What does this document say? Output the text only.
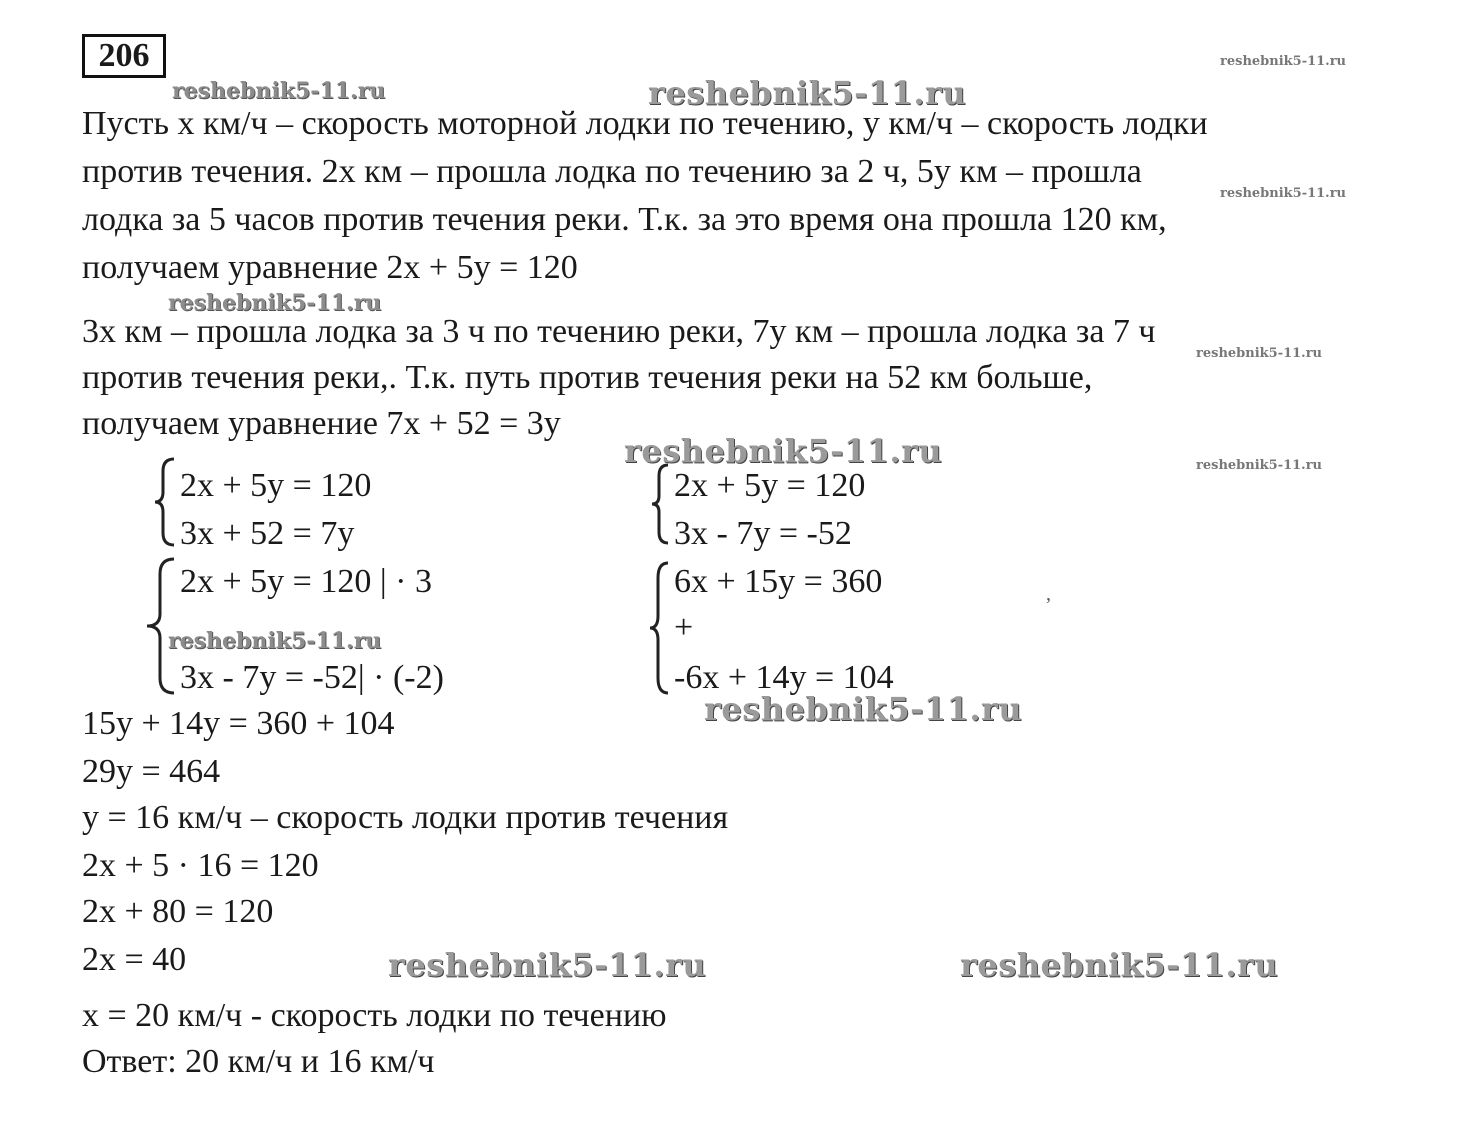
206	reshebnik5-11.ru
reshebnik5-11.ru
reshebnik5-11.ru
reshebnik5-11.ru
reshebnik5-11.ru
reshebnik5-11.ru
reshebnik5-11.ru
reshebnik5-11.ru
reshebnik5-11.ru
reshebnik5-11.ru
reshebnik5-11.ru	reshebnik5-11.ru
Пусть х км/ч – скорость моторной лодки по течению, у км/ч – скорость лодки
против течения. 2х км – прошла лодка по течению за 2 ч, 5у км – прошла
лодка за 5 часов против течения реки. Т.к. за это время она прошла 120 км,
получаем уравнение 2х + 5у = 120
3х км – прошла лодка за 3 ч по течению реки, 7у км – прошла лодка за 7 ч
против течения реки,. Т.к. путь против течения реки на 52 км больше,
получаем уравнение 7х + 52 = 3у
2х + 5у = 120
3х + 52 = 7у
2х + 5у = 120
3х - 7у = -52
2х + 5у = 120 | · 3
3х - 7у = -52| · (-2)
6х + 15у = 360
+
-6х + 14у = 104
,
15у + 14у = 360 + 104
29у = 464
у = 16 км/ч – скорость лодки против течения
2х + 5 · 16 = 120
2х + 80 = 120
2х = 40
х = 20 км/ч - скорость лодки по течению
Ответ: 20 км/ч и 16 км/ч
